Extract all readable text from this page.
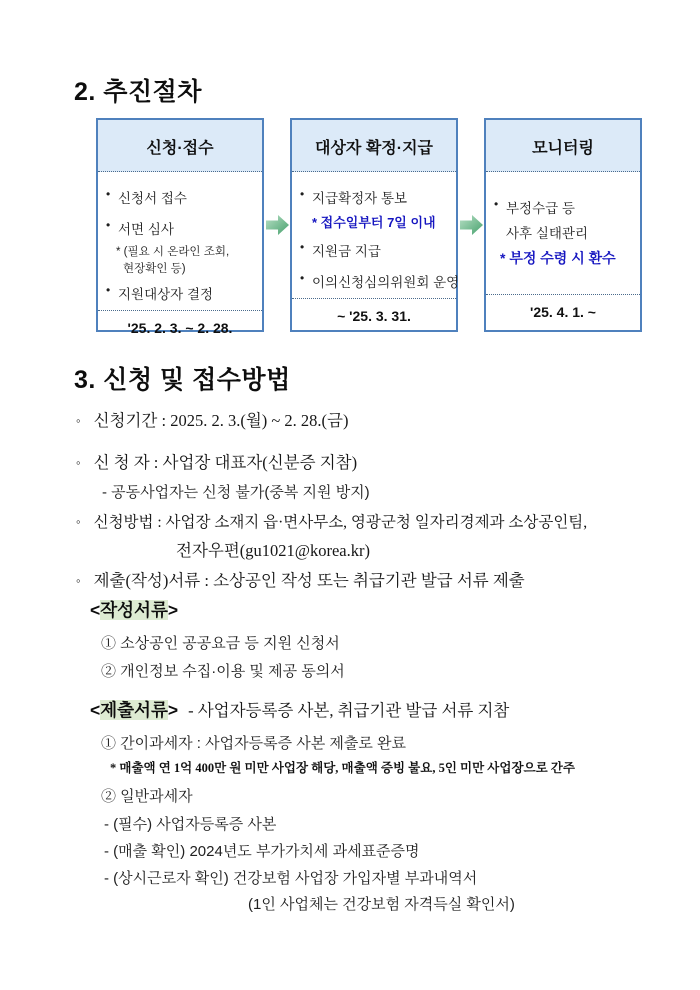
2. 추진절차
신청·접수
• 신청서 접수
• 서면 심사
* (필요 시 온라인 조회,
현장확인 등)
• 지원대상자 결정
'25. 2. 3. ~ 2. 28.
대상자 확정·지급
• 지급확정자 통보
* 접수일부터 7일 이내
• 지원금 지급
• 이의신청심의위원회 운영
~ '25. 3. 31.
모니터링
• 부정수급 등
사후 실태관리
* 부정 수령 시 환수
'25. 4. 1. ~
3. 신청 및 접수방법
◦ 신청기간 : 2025. 2. 3.(월) ~ 2. 28.(금)
◦ 신 청 자 : 사업장 대표자(신분증 지참)
- 공동사업자는 신청 불가(중복 지원 방지)
◦ 신청방법 : 사업장 소재지 읍·면사무소, 영광군청 일자리경제과 소상공인팀,
전자우편(gu1021@korea.kr)
◦ 제출(작성)서류 : 소상공인 작성 또는 취급기관 발급 서류 제출
<작성서류>
① 소상공인 공공요금 등 지원 신청서
② 개인정보 수집·이용 및 제공 동의서
<제출서류> - 사업자등록증 사본, 취급기관 발급 서류 지참
① 간이과세자 : 사업자등록증 사본 제출로 완료
* 매출액 연 1억 400만 원 미만 사업장 해당, 매출액 증빙 불요, 5인 미만 사업장으로 간주
② 일반과세자
- (필수) 사업자등록증 사본
- (매출 확인) 2024년도 부가가치세 과세표준증명
- (상시근로자 확인) 건강보험 사업장 가입자별 부과내역서
(1인 사업체는 건강보험 자격득실 확인서)
